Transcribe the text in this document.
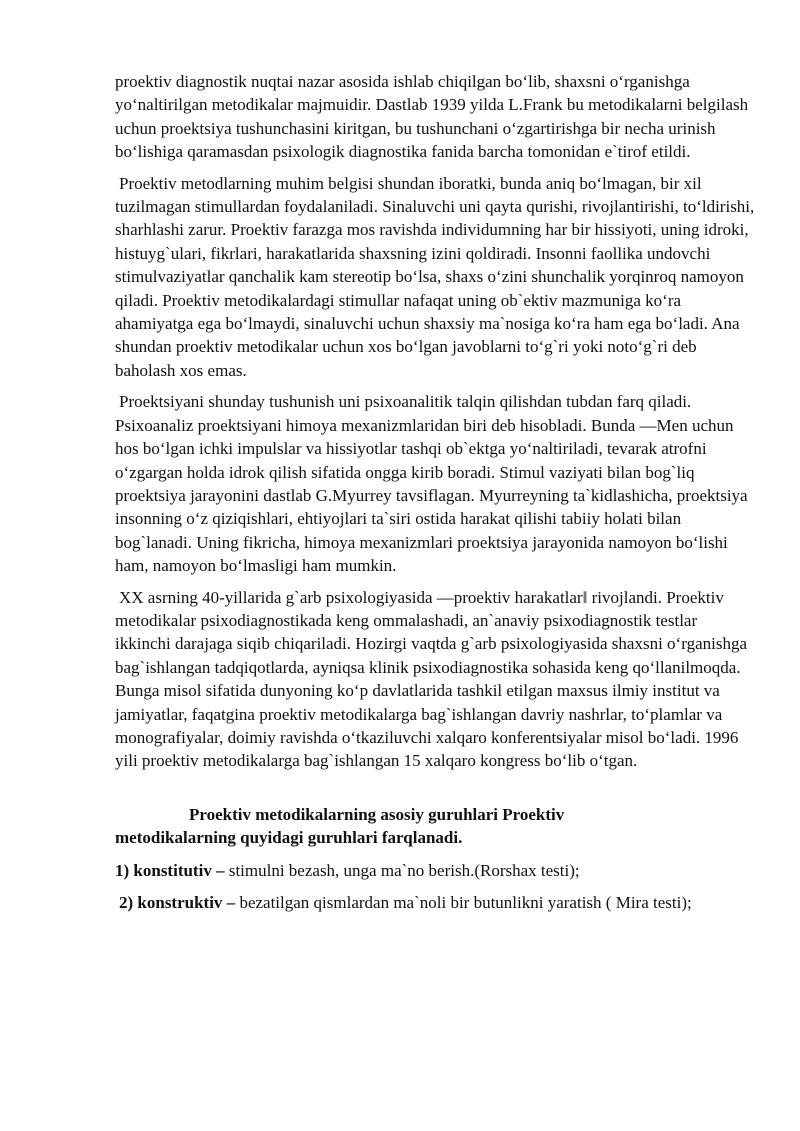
proektiv diagnostik nuqtai nazar asosida ishlab chiqilgan bo‘lib, shaxsni o‘rganishga yo‘naltirilgan metodikalar majmuidir. Dastlab 1939 yilda L.Frank bu metodikalarni belgilash uchun proektsiya tushunchasini kiritgan, bu tushunchani o‘zgartirishga bir necha urinish bo‘lishiga qaramasdan psixologik diagnostika fanida barcha tomonidan e`tirof etildi.

Proektiv metodlarning muhim belgisi shundan iboratki, bunda aniq bo‘lmagan, bir xil tuzilmagan stimullardan foydalaniladi. Sinaluvchi uni qayta qurishi, rivojlantirishi, to‘ldirishi, sharhlashi zarur. Proektiv farazga mos ravishda individumning har bir hissiyoti, uning idroki, histuyg`ulari, fikrlari, harakatlarida shaxsning izini qoldiradi. Insonni faollika undovchi stimulvaziyatlar qanchalik kam stereotip bo‘lsa, shaxs o‘zini shunchalik yorqinroq namoyon qiladi. Proektiv metodikalardagi stimullar nafaqat uning ob`ektiv mazmuniga ko‘ra ahamiyatga ega bo‘lmaydi, sinaluvchi uchun shaxsiy ma`nosiga ko‘ra ham ega bo‘ladi. Ana shundan proektiv metodikalar uchun xos bo‘lgan javoblarni to‘g`ri yoki noto‘g`ri deb baholash xos emas.

Proektsiyani shunday tushunish uni psixoanalitik talqin qilishdan tubdan farq qiladi. Psixoanaliz proektsiyani himoya mexanizmlaridan biri deb hisobladi. Bunda ―Men uchun hos bo‘lgan ichki impulslar va hissiyotlar tashqi ob`ektga yo‘naltiriladi, tevarak atrofni o‘zgargan holda idrok qilish sifatida ongga kirib boradi. Stimul vaziyati bilan bog`liq proektsiya jarayonini dastlab G.Myurrey tavsiflagan. Myurreyning ta`kidlashicha, proektsiya insonning o‘z qiziqishlari, ehtiyojlari ta`siri ostida harakat qilishi tabiiy holati bilan bog`lanadi. Uning fikricha, himoya mexanizmlari proektsiya jarayonida namoyon bo‘lishi ham, namoyon bo‘lmasligi ham mumkin.

XX asrning 40-yillarida g`arb psixologiyasida ―proektiv harakatlar‖ rivojlandi. Proektiv metodikalar psixodiagnostikada keng ommalashadi, an`anaviy psixodiagnostik testlar ikkinchi darajaga siqib chiqariladi. Hozirgi vaqtda g`arb psixologiyasida shaxsni o‘rganishga bag`ishlangan tadqiqotlarda, ayniqsa klinik psixodiagnostika sohasida keng qo‘llanilmoqda. Bunga misol sifatida dunyoning ko‘p davlatlarida tashkil etilgan maxsus ilmiy institut va jamiyatlar, faqatgina proektiv metodikalarga bag`ishlangan davriy nashrlar, to‘plamlar va monografiyalar, doimiy ravishda o‘tkaziluvchi xalqaro konferentsiyalar misol bo‘ladi. 1996 yili proektiv metodikalarga bag`ishlangan 15 xalqaro kongress bo‘lib o‘tgan.

Proektiv metodikalarning asosiy guruhlari Proektiv
metodikalarning quyidagi guruhlari farqlanadi.

1) konstitutiv – stimulni bezash, unga ma`no berish.(Rorshax testi);

2) konstruktiv – bezatilgan qismlardan ma`noli bir butunlikni yaratish ( Mira testi);
